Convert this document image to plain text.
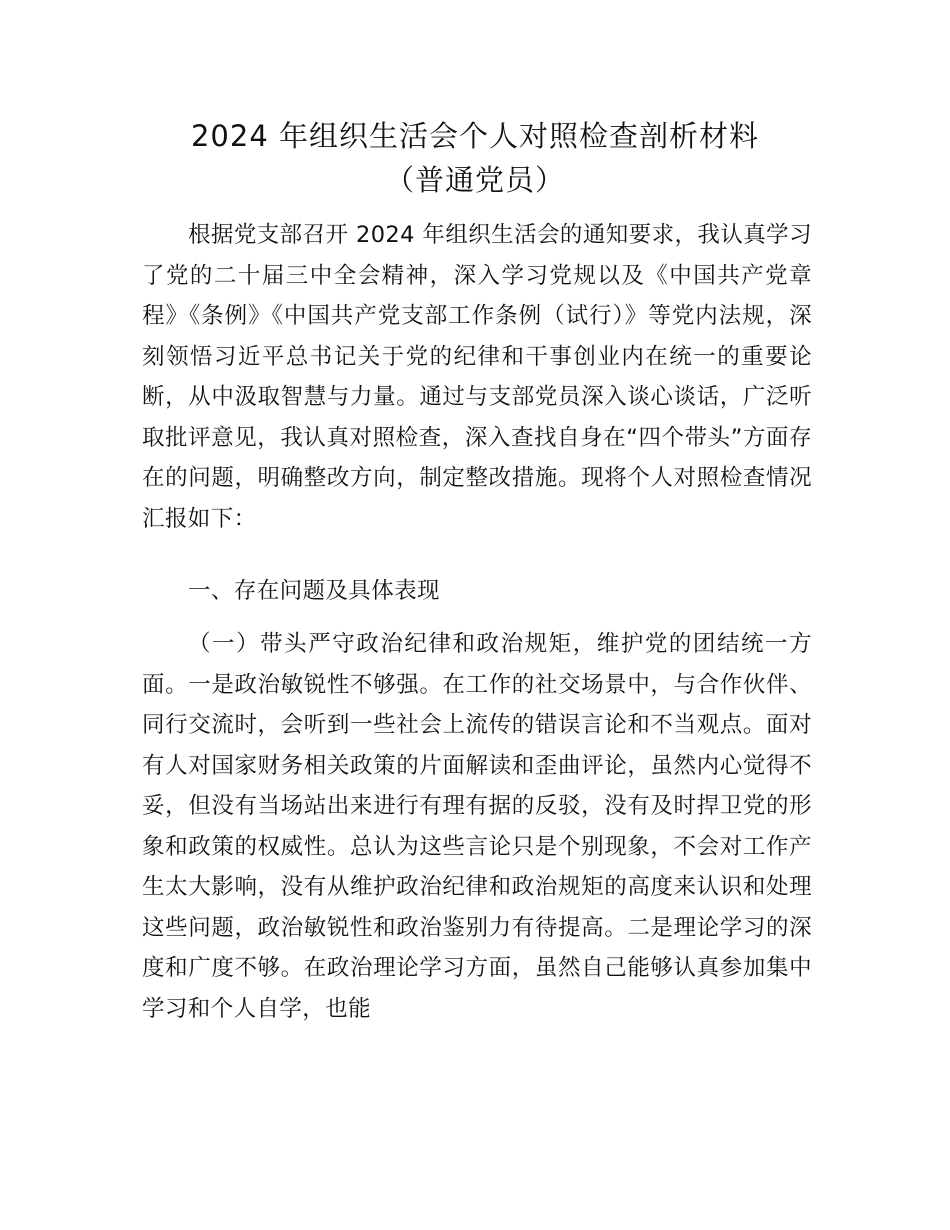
2024 年组织生活会个人对照检查剖析材料
（普通党员）

根据党支部召开 2024 年组织生活会的通知要求，我认真学习了党的二十届三中全会精神，深入学习党规以及《中国共产党章程》《条例》《中国共产党支部工作条例（试行）》等党内法规，深刻领悟习近平总书记关于党的纪律和干事创业内在统一的重要论断，从中汲取智慧与力量。通过与支部党员深入谈心谈话，广泛听取批评意见，我认真对照检查，深入查找自身在“四个带头”方面存在的问题，明确整改方向，制定整改措施。现将个人对照检查情况汇报如下：

一、存在问题及具体表现

（一）带头严守政治纪律和政治规矩，维护党的团结统一方面。一是政治敏锐性不够强。在工作的社交场景中，与合作伙伴、同行交流时，会听到一些社会上流传的错误言论和不当观点。面对有人对国家财务相关政策的片面解读和歪曲评论，虽然内心觉得不妥，但没有当场站出来进行有理有据的反驳，没有及时捍卫党的形象和政策的权威性。总认为这些言论只是个别现象，不会对工作产生太大影响，没有从维护政治纪律和政治规矩的高度来认识和处理这些问题，政治敏锐性和政治鉴别力有待提高。二是理论学习的深度和广度不够。在政治理论学习方面，虽然自己能够认真参加集中学习和个人自学，也能
